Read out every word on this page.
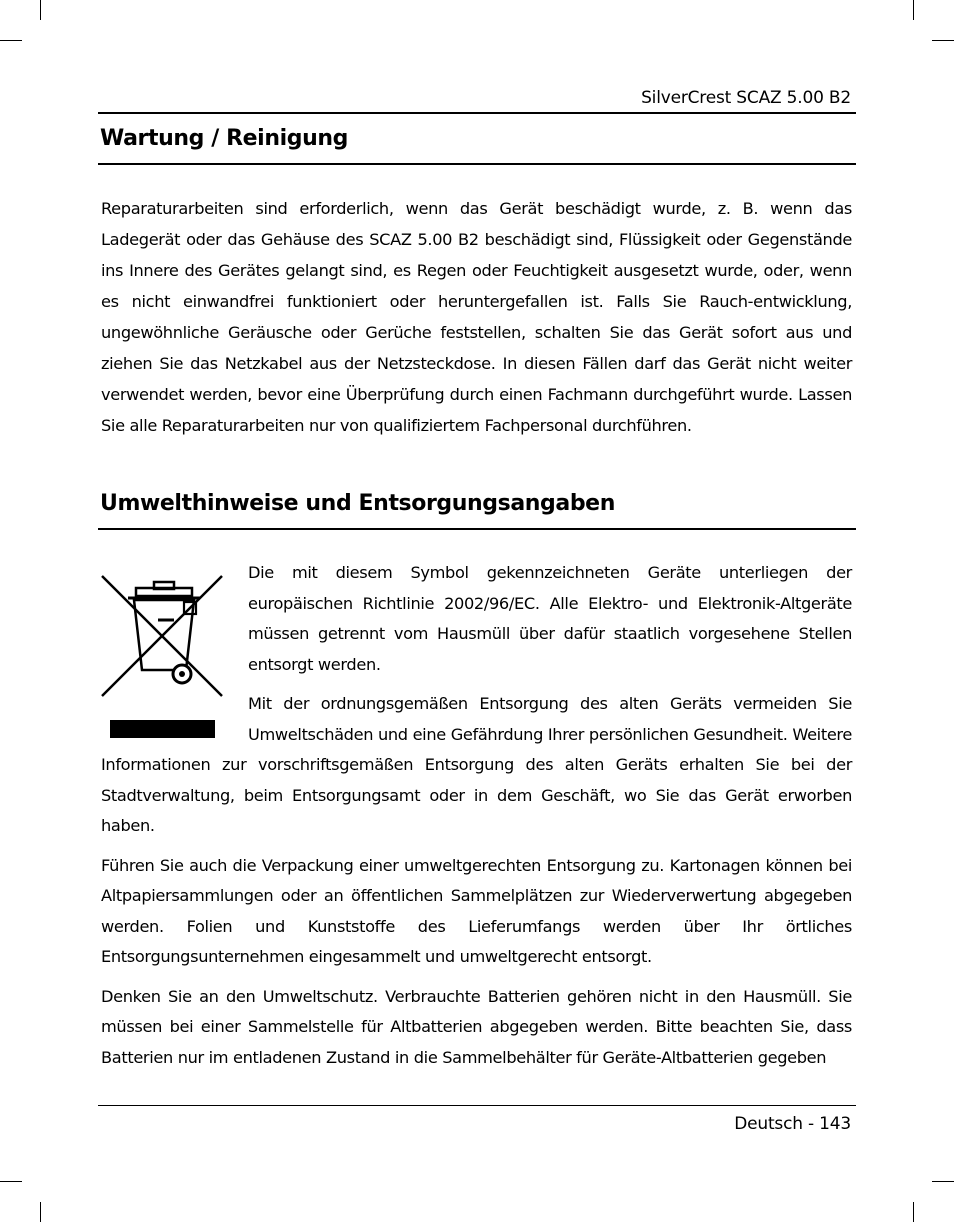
SilverCrest SCAZ 5.00 B2
Wartung / Reinigung

Reparaturarbeiten sind erforderlich, wenn das Gerät beschädigt wurde, z. B. wenn das Ladegerät oder das Gehäuse des SCAZ 5.00 B2 beschädigt sind, Flüssigkeit oder Gegenstände ins Innere des Gerätes gelangt sind, es Regen oder Feuchtigkeit ausgesetzt wurde, oder, wenn es nicht einwandfrei funktioniert oder heruntergefallen ist. Falls Sie Rauch-entwicklung, ungewöhnliche Geräusche oder Gerüche feststellen, schalten Sie das Gerät sofort aus und ziehen Sie das Netzkabel aus der Netzsteckdose. In diesen Fällen darf das Gerät nicht weiter verwendet werden, bevor eine Überprüfung durch einen Fachmann durchgeführt wurde. Lassen Sie alle Reparaturarbeiten nur von qualifiziertem Fachpersonal durchführen.

Umwelthinweise und Entsorgungsangaben

Die mit diesem Symbol gekennzeichneten Geräte unterliegen der europäischen Richtlinie 2002/96/EC. Alle Elektro- und Elektronik-Altgeräte müssen getrennt vom Hausmüll über dafür staatlich vorgesehene Stellen entsorgt werden.

Mit der ordnungsgemäßen Entsorgung des alten Geräts vermeiden Sie Umweltschäden und eine Gefährdung Ihrer persönlichen Gesundheit. Weitere Informationen zur vorschriftsgemäßen Entsorgung des alten Geräts erhalten Sie bei der Stadtverwaltung, beim Entsorgungsamt oder in dem Geschäft, wo Sie das Gerät erworben haben.

Führen Sie auch die Verpackung einer umweltgerechten Entsorgung zu. Kartonagen können bei Altpapiersammlungen oder an öffentlichen Sammelplätzen zur Wiederverwertung abgegeben werden. Folien und Kunststoffe des Lieferumfangs werden über Ihr örtliches Entsorgungsunternehmen eingesammelt und umweltgerecht entsorgt.

Denken Sie an den Umweltschutz. Verbrauchte Batterien gehören nicht in den Hausmüll. Sie müssen bei einer Sammelstelle für Altbatterien abgegeben werden. Bitte beachten Sie, dass Batterien nur im entladenen Zustand in die Sammelbehälter für Geräte-Altbatterien gegeben

Deutsch - 143
